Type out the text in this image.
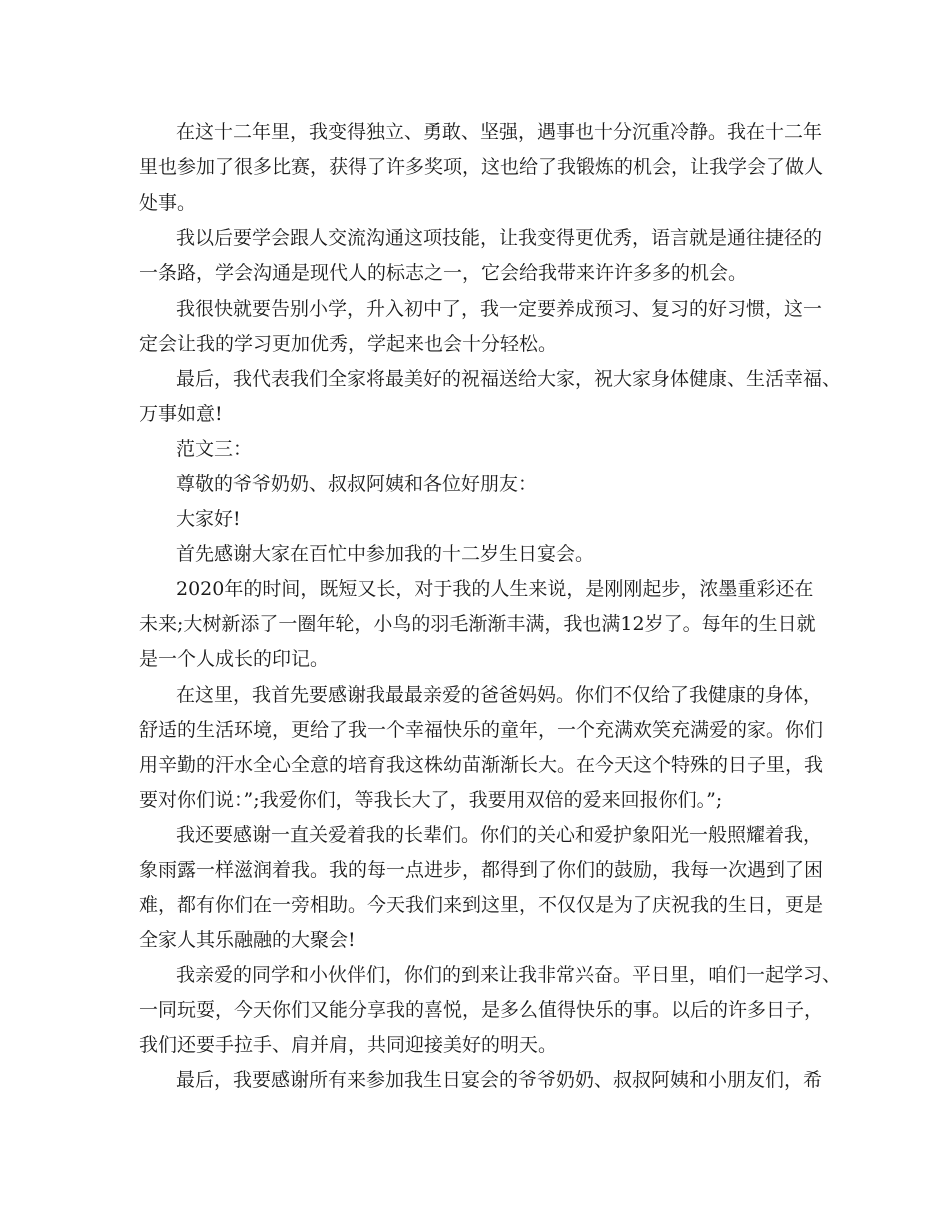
在这十二年里，我变得独立、勇敢、坚强，遇事也十分沉重冷静。我在十二年
里也参加了很多比赛，获得了许多奖项，这也给了我锻炼的机会，让我学会了做人
处事。
我以后要学会跟人交流沟通这项技能，让我变得更优秀，语言就是通往捷径的
一条路，学会沟通是现代人的标志之一，它会给我带来许许多多的机会。
我很快就要告别小学，升入初中了，我一定要养成预习、复习的好习惯，这一
定会让我的学习更加优秀，学起来也会十分轻松。
最后，我代表我们全家将最美好的祝福送给大家，祝大家身体健康、生活幸福、
万事如意!
范文三：
尊敬的爷爷奶奶、叔叔阿姨和各位好朋友：
大家好!
首先感谢大家在百忙中参加我的十二岁生日宴会。
2020年的时间，既短又长，对于我的人生来说，是刚刚起步，浓墨重彩还在
未来;大树新添了一圈年轮，小鸟的羽毛渐渐丰满，我也满12岁了。每年的生日就
是一个人成长的印记。
在这里，我首先要感谢我最最亲爱的爸爸妈妈。你们不仅给了我健康的身体，
舒适的生活环境，更给了我一个幸福快乐的童年，一个充满欢笑充满爱的家。你们
用辛勤的汗水全心全意的培育我这株幼苗渐渐长大。在今天这个特殊的日子里，我
要对你们说：”;我爱你们，等我长大了，我要用双倍的爱来回报你们。”;
我还要感谢一直关爱着我的长辈们。你们的关心和爱护象阳光一般照耀着我，
象雨露一样滋润着我。我的每一点进步，都得到了你们的鼓励，我每一次遇到了困
难，都有你们在一旁相助。今天我们来到这里，不仅仅是为了庆祝我的生日，更是
全家人其乐融融的大聚会!
我亲爱的同学和小伙伴们，你们的到来让我非常兴奋。平日里，咱们一起学习、
一同玩耍，今天你们又能分享我的喜悦，是多么值得快乐的事。以后的许多日子，
我们还要手拉手、肩并肩，共同迎接美好的明天。
最后，我要感谢所有来参加我生日宴会的爷爷奶奶、叔叔阿姨和小朋友们，希
